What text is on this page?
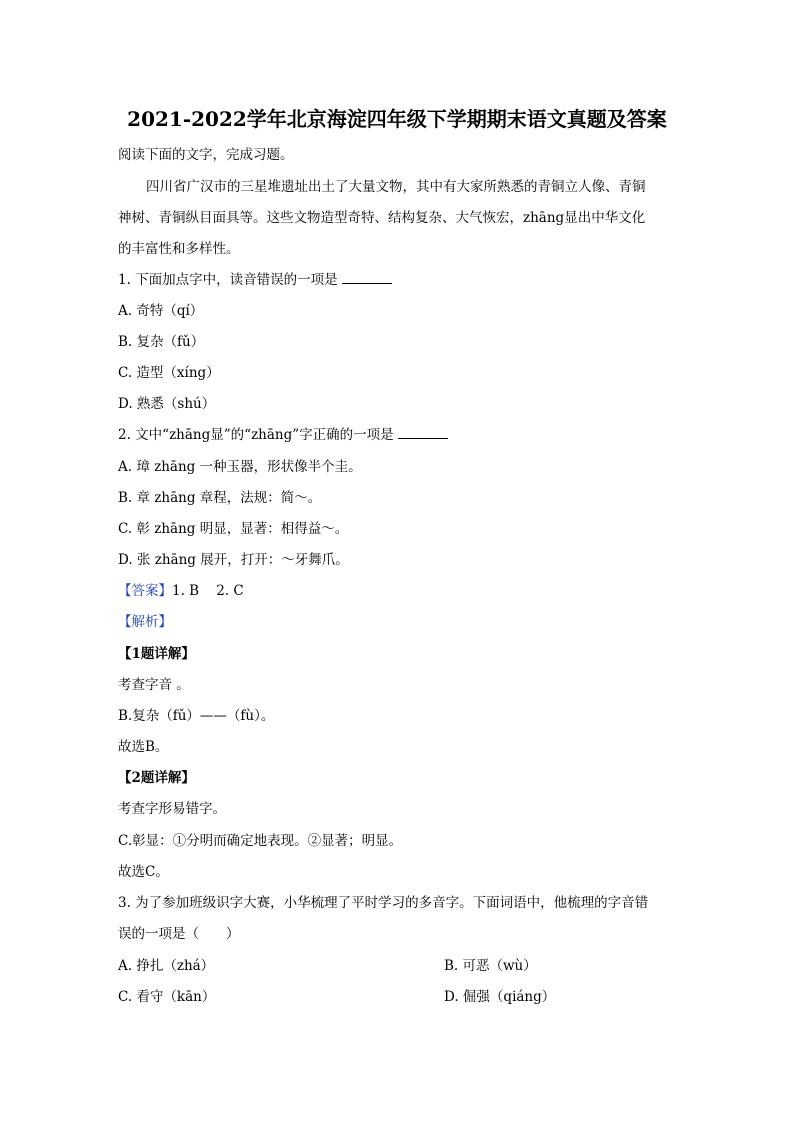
2021-2022学年北京海淀四年级下学期期末语文真题及答案
阅读下面的文字，完成习题。
四川省广汉市的三星堆遗址出土了大量文物，其中有大家所熟悉的青铜立人像、青铜
神树、青铜纵目面具等。这些文物造型奇特、结构复杂、大气恢宏，zhāng显出中华文化
的丰富性和多样性。
1. 下面加点字中，读音错误的一项是
A. 奇特（qí）
B. 复杂（fǔ）
C. 造型（xíng）
D. 熟悉（shú）
2. 文中“zhāng显”的“zhāng”字正确的一项是
A. 璋 zhāng 一种玉器，形状像半个圭。
B. 章 zhāng 章程，法规：简～。
C. 彰 zhāng 明显，显著：相得益～。
D. 张 zhāng 展开，打开：～牙舞爪。
【答案】1. B    2. C
【解析】
【1题详解】
考查字音 。
B.复杂（fǔ）——（fù）。
故选B。
【2题详解】
考查字形易错字。
C.彰显：①分明而确定地表现。②显著；明显。
故选C。
3. 为了参加班级识字大赛，小华梳理了平时学习的多音字。下面词语中，他梳理的字音错
误的一项是（　　）
A. 挣扎（zhá）	B. 可恶（wù）
C. 看守（kān）	D. 倔强（qiáng）
